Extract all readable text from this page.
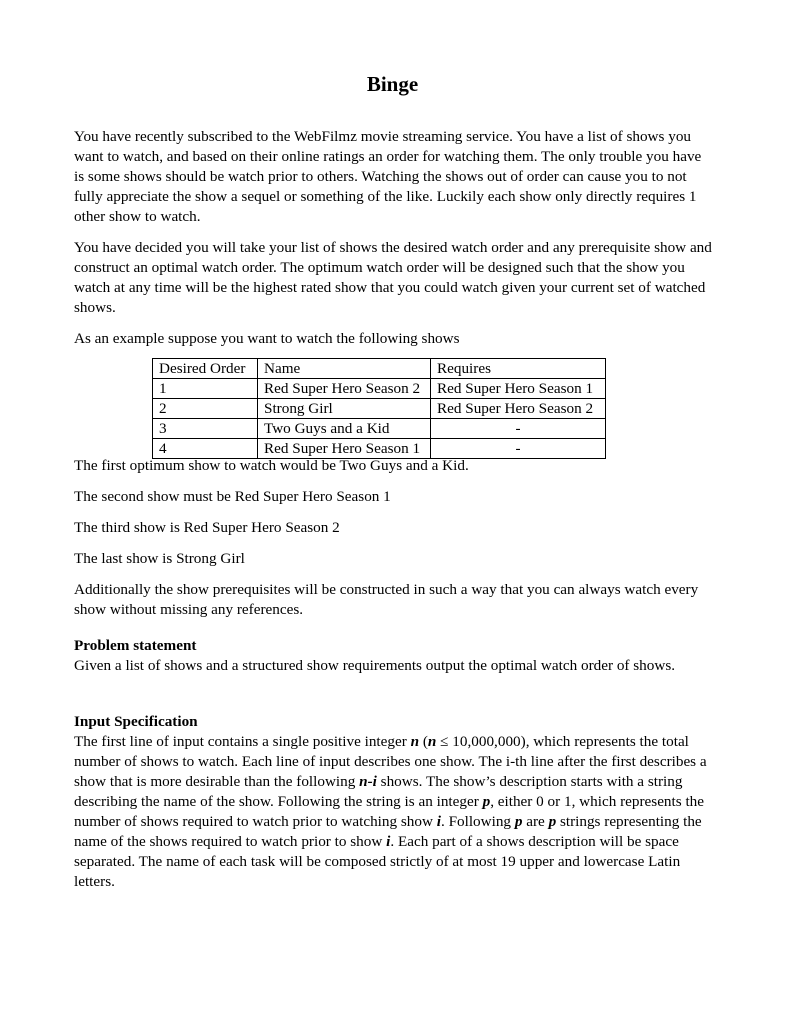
Binge

You have recently subscribed to the WebFilmz movie streaming service. You have a list of shows you want to watch, and based on their online ratings an order for watching them. The only trouble you have is some shows should be watch prior to others. Watching the shows out of order can cause you to not fully appreciate the show a sequel or something of the like. Luckily each show only directly requires 1 other show to watch.

You have decided you will take your list of shows the desired watch order and any prerequisite show and construct an optimal watch order. The optimum watch order will be designed such that the show you watch at any time will be the highest rated show that you could watch given your current set of watched shows.

As an example suppose you want to watch the following shows

Desired Order	Name	Requires
1	Red Super Hero Season 2	Red Super Hero Season 1
2	Strong Girl	Red Super Hero Season 2
3	Two Guys and a Kid	-
4	Red Super Hero Season 1	-

The first optimum show to watch would be Two Guys and a Kid.

The second show must be Red Super Hero Season 1

The third show is Red Super Hero Season 2

The last show is Strong Girl

Additionally the show prerequisites will be constructed in such a way that you can always watch every show without missing any references.

Problem statement
Given a list of shows and a structured show requirements output the optimal watch order of shows.
Input Specification
The first line of input contains a single positive integer n (n ≤ 10,000,000), which represents the total number of shows to watch. Each line of input describes one show. The i-th line after the first describes a show that is more desirable than the following n-i shows. The show’s description starts with a string describing the name of the show. Following the string is an integer p, either 0 or 1, which represents the number of shows required to watch prior to watching show i. Following p are p strings representing the name of the shows required to watch prior to show i. Each part of a shows description will be space separated. The name of each task will be composed strictly of at most 19 upper and lowercase Latin letters.
